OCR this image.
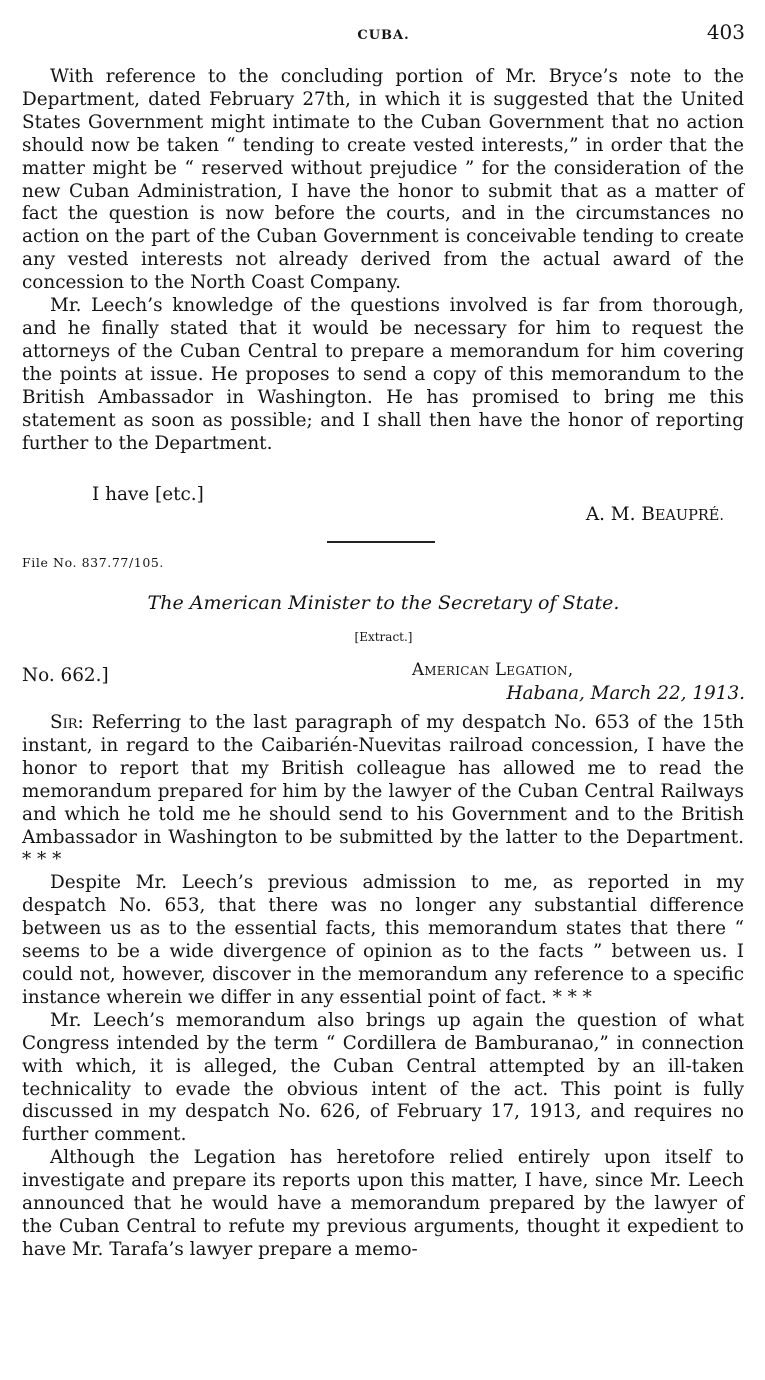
CUBA.	403

With reference to the concluding portion of Mr. Bryce’s note to the Department, dated February 27th, in which it is suggested that the United States Government might intimate to the Cuban Government that no action should now be taken “ tending to create vested interests,” in order that the matter might be “ reserved without prejudice ” for the consideration of the new Cuban Administration, I have the honor to submit that as a matter of fact the question is now before the courts, and in the circumstances no action on the part of the Cuban Government is conceivable tending to create any vested interests not already derived from the actual award of the concession to the North Coast Company.

Mr. Leech’s knowledge of the questions involved is far from thorough, and he finally stated that it would be necessary for him to request the attorneys of the Cuban Central to prepare a memorandum for him covering the points at issue. He proposes to send a copy of this memorandum to the British Ambassador in Washington. He has promised to bring me this statement as soon as possible; and I shall then have the honor of reporting further to the Department.

I have [etc.]
A. M. BEAUPRÉ.
File No. 837.77/105.
The American Minister to the Secretary of State.
[Extract.]
No. 662.]	American Legation,
Habana, March 22, 1913.

Sir: Referring to the last paragraph of my despatch No. 653 of the 15th instant, in regard to the Caibarién-Nuevitas railroad concession, I have the honor to report that my British colleague has allowed me to read the memorandum prepared for him by the lawyer of the Cuban Central Railways and which he told me he should send to his Government and to the British Ambassador in Washington to be submitted by the latter to the Department. * * *

Despite Mr. Leech’s previous admission to me, as reported in my despatch No. 653, that there was no longer any substantial difference between us as to the essential facts, this memorandum states that there “ seems to be a wide divergence of opinion as to the facts ” between us. I could not, however, discover in the memorandum any reference to a specific instance wherein we differ in any essential point of fact. * * *

Mr. Leech’s memorandum also brings up again the question of what Congress intended by the term “ Cordillera de Bamburanao,” in connection with which, it is alleged, the Cuban Central attempted by an ill-taken technicality to evade the obvious intent of the act. This point is fully discussed in my despatch No. 626, of February 17, 1913, and requires no further comment.

Although the Legation has heretofore relied entirely upon itself to investigate and prepare its reports upon this matter, I have, since Mr. Leech announced that he would have a memorandum prepared by the lawyer of the Cuban Central to refute my previous arguments, thought it expedient to have Mr. Tarafa’s lawyer prepare a memo-
